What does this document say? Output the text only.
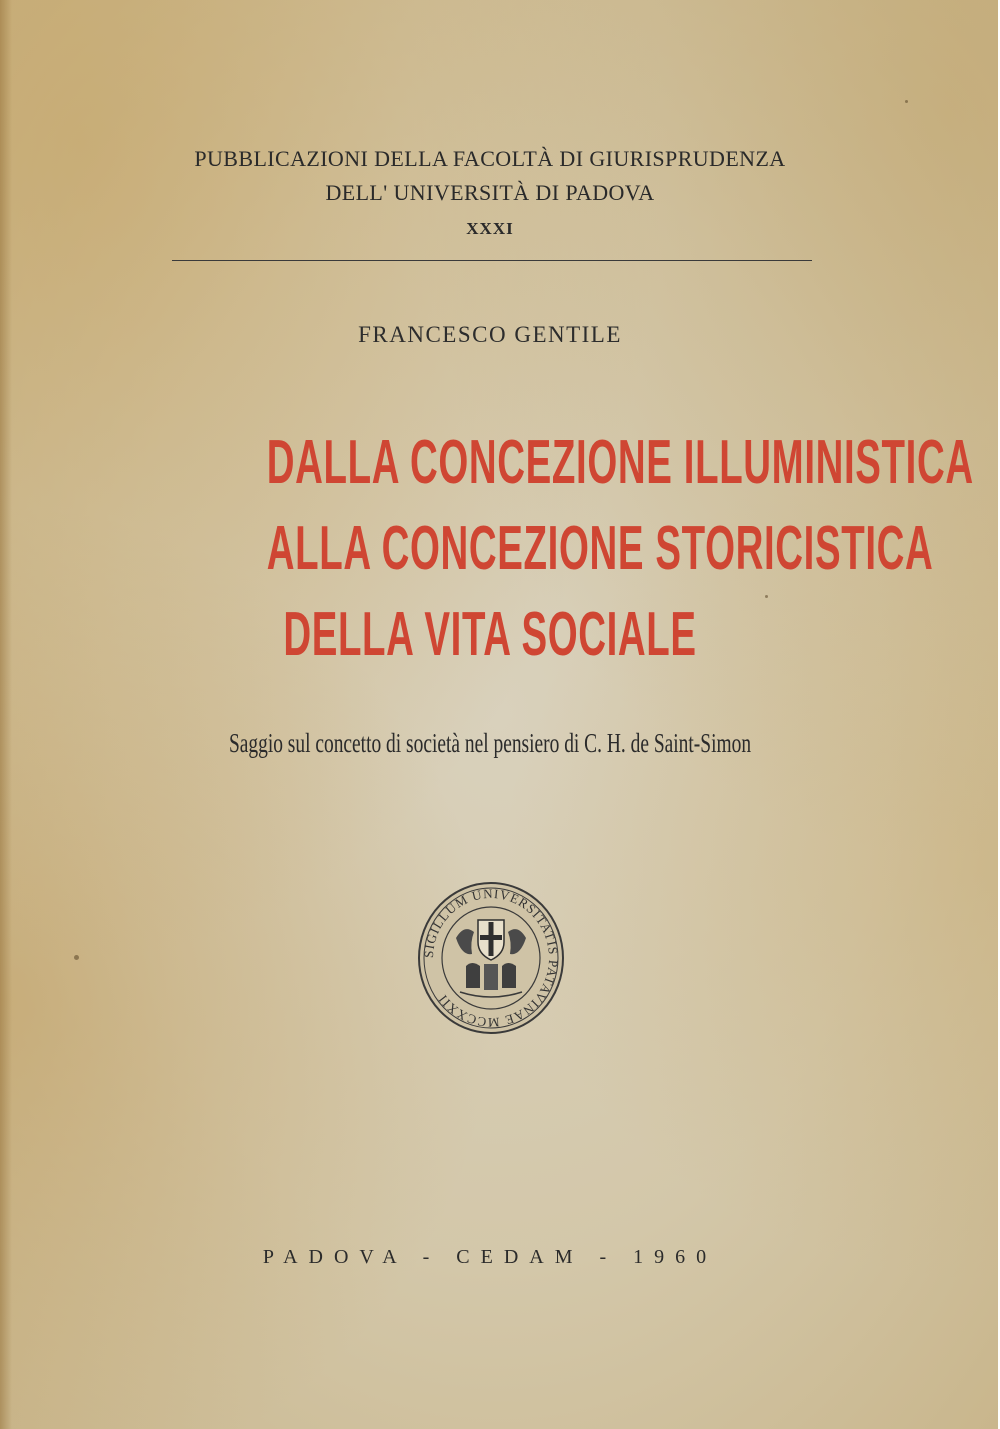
PUBBLICAZIONI DELLA FACOLTÀ DI GIURISPRUDENZA
DELL' UNIVERSITÀ DI PADOVA
XXXI
FRANCESCO GENTILE
DALLA CONCEZIONE ILLUMINISTICA
ALLA CONCEZIONE STORICISTICA
DELLA VITA SOCIALE
Saggio sul concetto di società nel pensiero di C. H. de Saint-Simon
SIGILLUM UNIVERSITATIS PATAVINAE MCCXXII
PADOVA - CEDAM - 1960
